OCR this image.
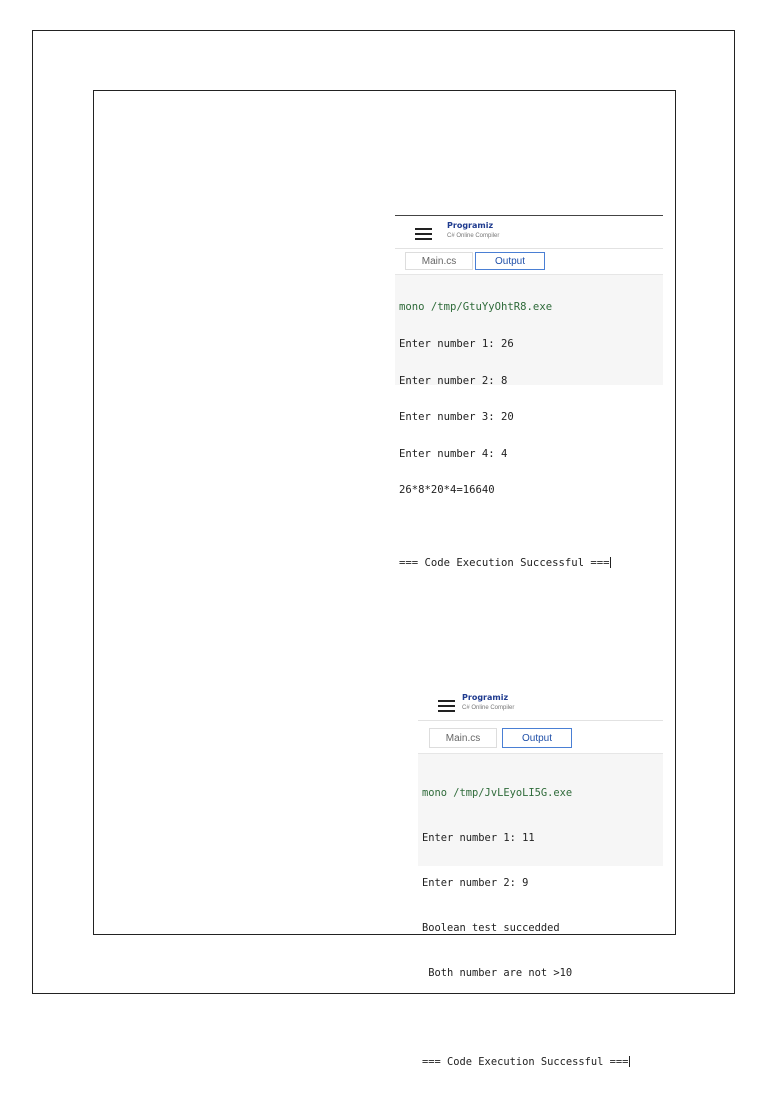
Programiz
C# Online Compiler
Main.cs	Output

mono /tmp/GtuYyOhtR8.exe

Enter number 1: 26

Enter number 2: 8

Enter number 3: 20

Enter number 4: 4

26*8*20*4=16640

=== Code Execution Successful ===

Programiz
C# Online Compiler
Main.cs	Output

mono /tmp/JvLEyoLI5G.exe

Enter number 1: 11

Enter number 2: 9

Boolean test succedded

Both number are not >10

=== Code Execution Successful ===
